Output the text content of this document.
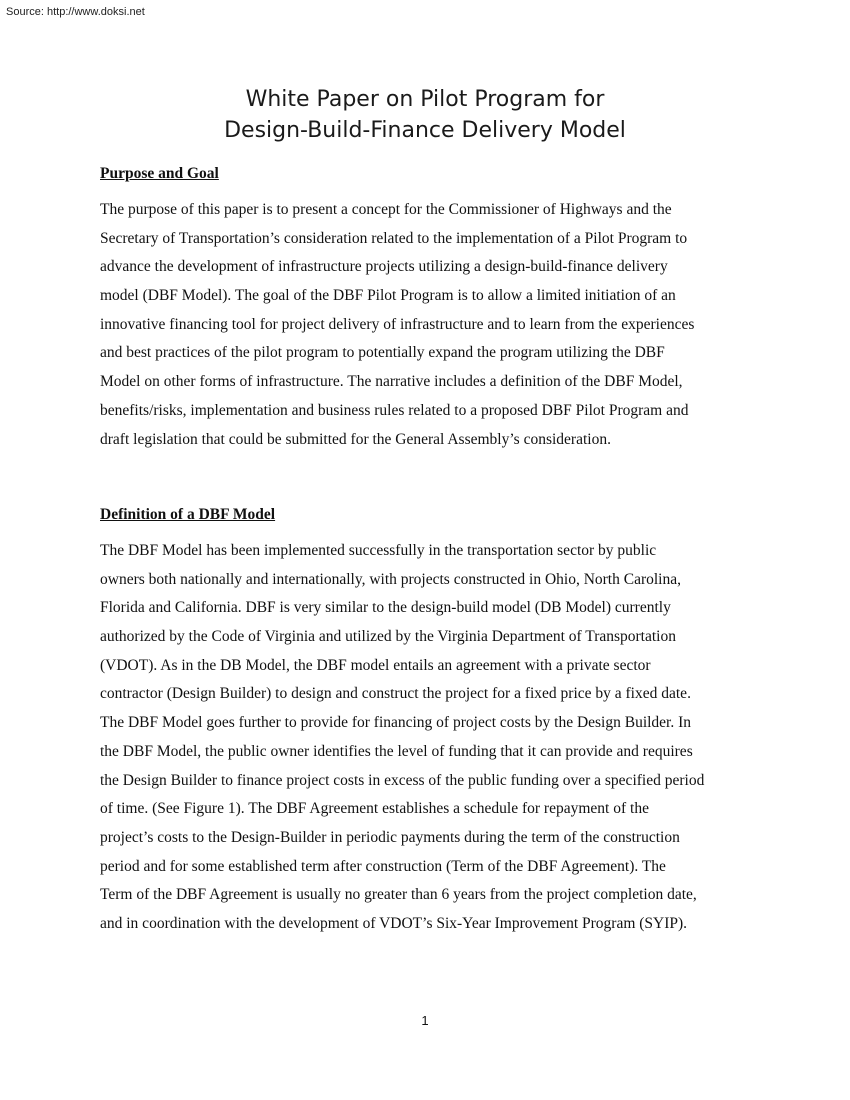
Source: http://www.doksi.net
White Paper on Pilot Program for
Design-Build-Finance Delivery Model
Purpose and Goal
The purpose of this paper is to present a concept for the Commissioner of Highways and the
Secretary of Transportation’s consideration related to the implementation of a Pilot Program to
advance the development of infrastructure projects utilizing a design-build-finance delivery
model (DBF Model). The goal of the DBF Pilot Program is to allow a limited initiation of an
innovative financing tool for project delivery of infrastructure and to learn from the experiences
and best practices of the pilot program to potentially expand the program utilizing the DBF
Model on other forms of infrastructure. The narrative includes a definition of the DBF Model,
benefits/risks, implementation and business rules related to a proposed DBF Pilot Program and
draft legislation that could be submitted for the General Assembly’s consideration.
Definition of a DBF Model
The DBF Model has been implemented successfully in the transportation sector by public
owners both nationally and internationally, with projects constructed in Ohio, North Carolina,
Florida and California. DBF is very similar to the design-build model (DB Model) currently
authorized by the Code of Virginia and utilized by the Virginia Department of Transportation
(VDOT). As in the DB Model, the DBF model entails an agreement with a private sector
contractor (Design Builder) to design and construct the project for a fixed price by a fixed date.
The DBF Model goes further to provide for financing of project costs by the Design Builder. In
the DBF Model, the public owner identifies the level of funding that it can provide and requires
the Design Builder to finance project costs in excess of the public funding over a specified period
of time. (See Figure 1). The DBF Agreement establishes a schedule for repayment of the
project’s costs to the Design-Builder in periodic payments during the term of the construction
period and for some established term after construction (Term of the DBF Agreement). The
Term of the DBF Agreement is usually no greater than 6 years from the project completion date,
and in coordination with the development of VDOT’s Six-Year Improvement Program (SYIP).
1
